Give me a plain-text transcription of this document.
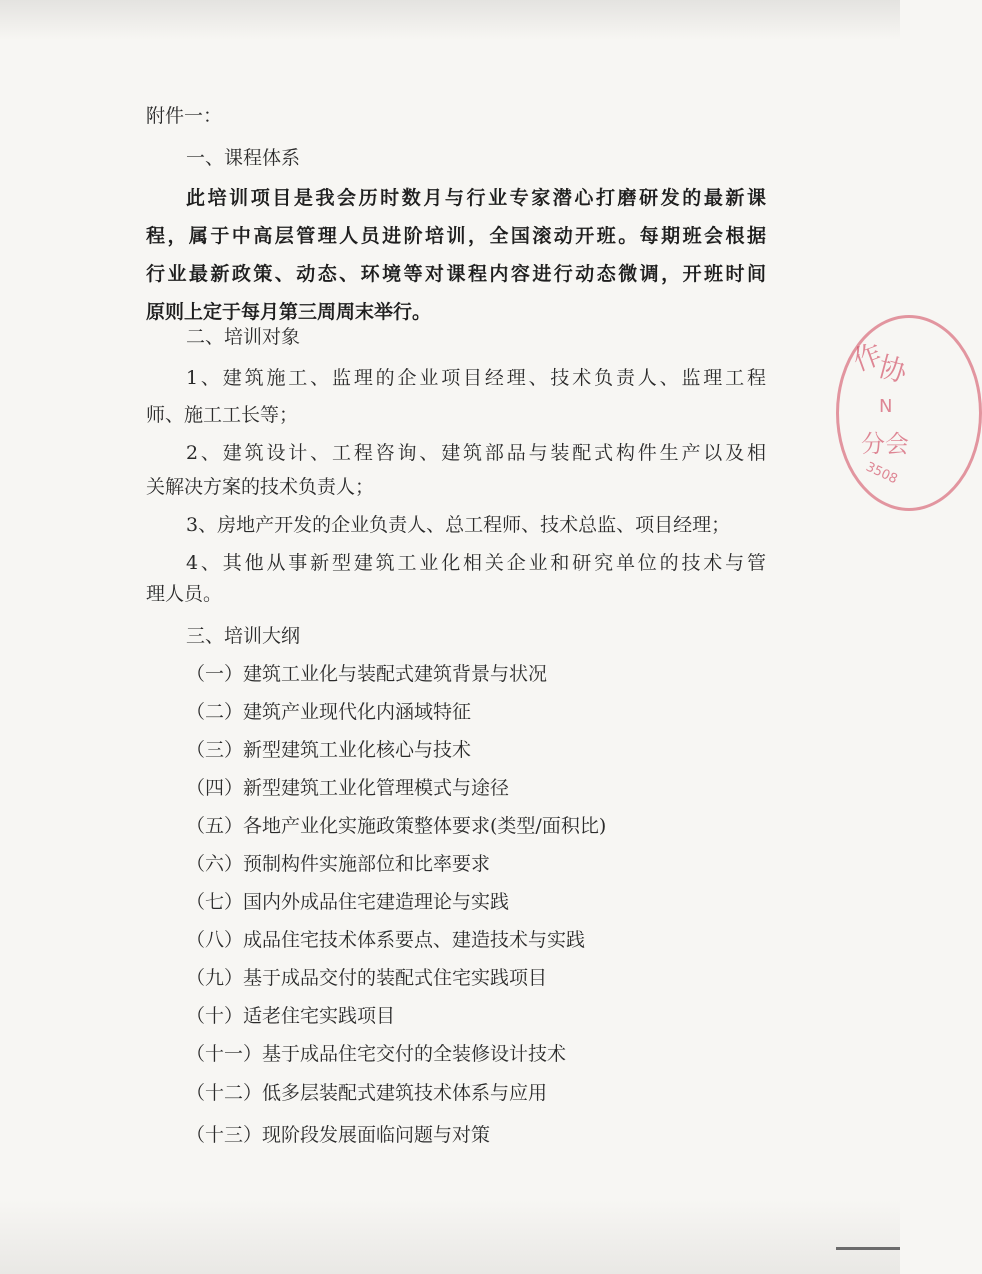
附件一：
一、课程体系
此培训项目是我会历时数月与行业专家潜心打磨研发的最新课
程，属于中高层管理人员进阶培训，全国滚动开班。每期班会根据
行业最新政策、动态、环境等对课程内容进行动态微调，开班时间
原则上定于每月第三周周末举行。
二、培训对象
1、建筑施工、监理的企业项目经理、技术负责人、监理工程
师、施工工长等；
2、建筑设计、工程咨询、建筑部品与装配式构件生产以及相
关解决方案的技术负责人；
3、房地产开发的企业负责人、总工程师、技术总监、项目经理；
4、其他从事新型建筑工业化相关企业和研究单位的技术与管
理人员。
三、培训大纲
（一）建筑工业化与装配式建筑背景与状况
（二）建筑产业现代化内涵域特征
（三）新型建筑工业化核心与技术
（四）新型建筑工业化管理模式与途径
（五）各地产业化实施政策整体要求(类型/面积比)
（六）预制构件实施部位和比率要求
（七）国内外成品住宅建造理论与实践
（八）成品住宅技术体系要点、建造技术与实践
（九）基于成品交付的装配式住宅实践项目
（十）适老住宅实践项目
（十一）基于成品住宅交付的全装修设计技术
（十二）低多层装配式建筑技术体系与应用
（十三）现阶段发展面临问题与对策
作
协
N
分会
3508
